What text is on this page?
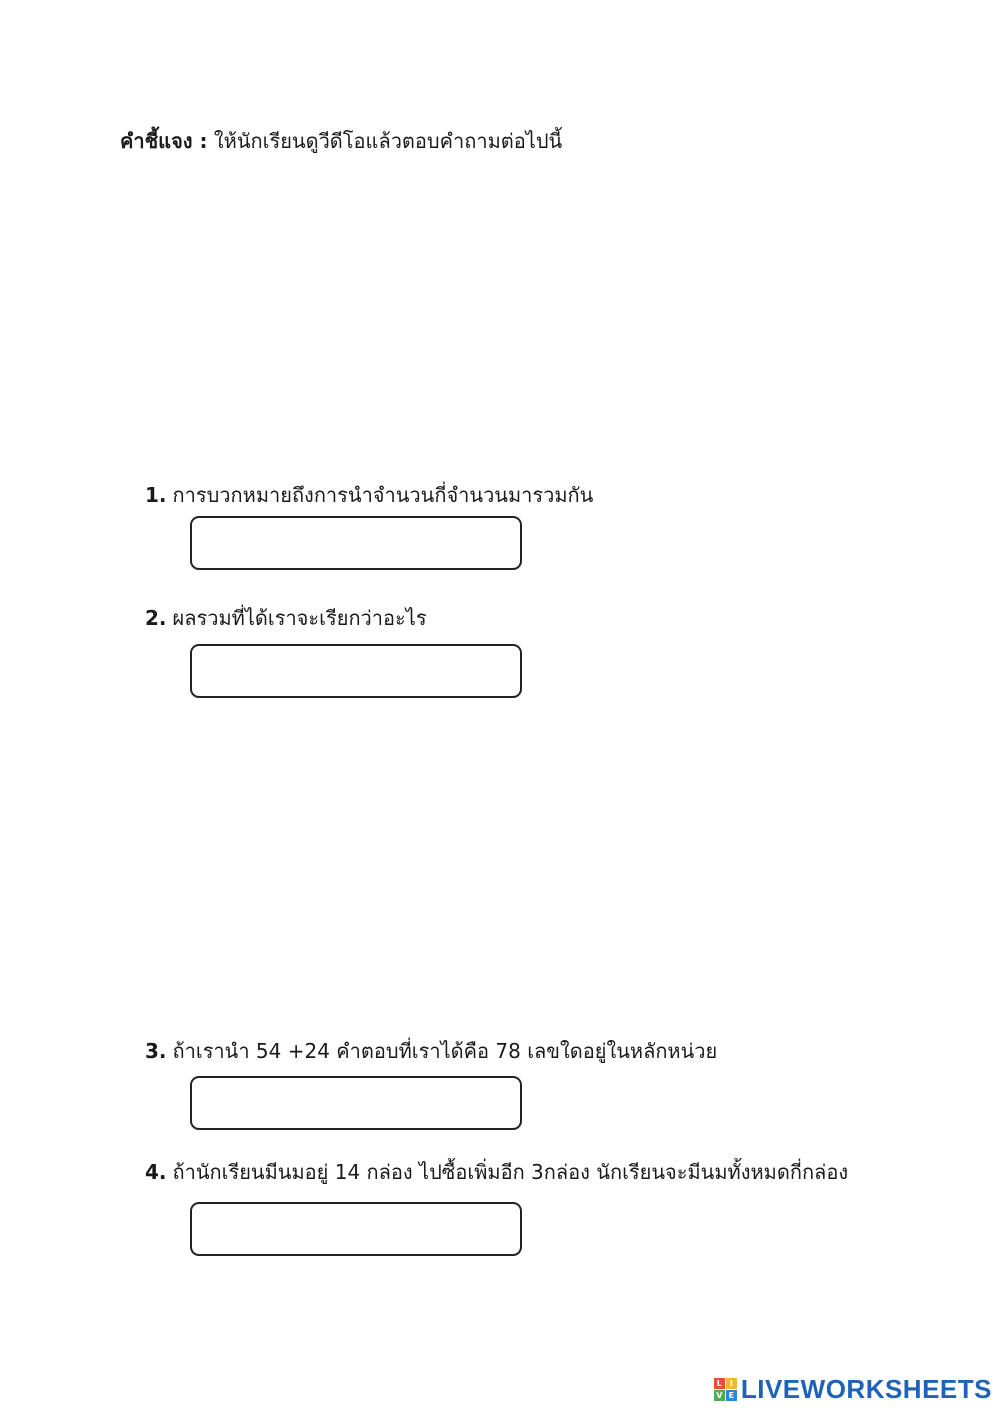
คำชี้แจง : ให้นักเรียนดูวีดีโอแล้วตอบคำถามต่อไปนี้
1. การบวกหมายถึงการนำจำนวนกี่จำนวนมารวมกัน
2. ผลรวมที่ได้เราจะเรียกว่าอะไร
3. ถ้าเรานำ 54 +24 คำตอบที่เราได้คือ 78 เลขใดอยู่ในหลักหน่วย
4. ถ้านักเรียนมีนมอยู่ 14 กล่อง ไปซื้อเพิ่มอีก 3กล่อง นักเรียนจะมีนมทั้งหมดกี่กล่อง
L I
V E LIVEWORKSHEETS
